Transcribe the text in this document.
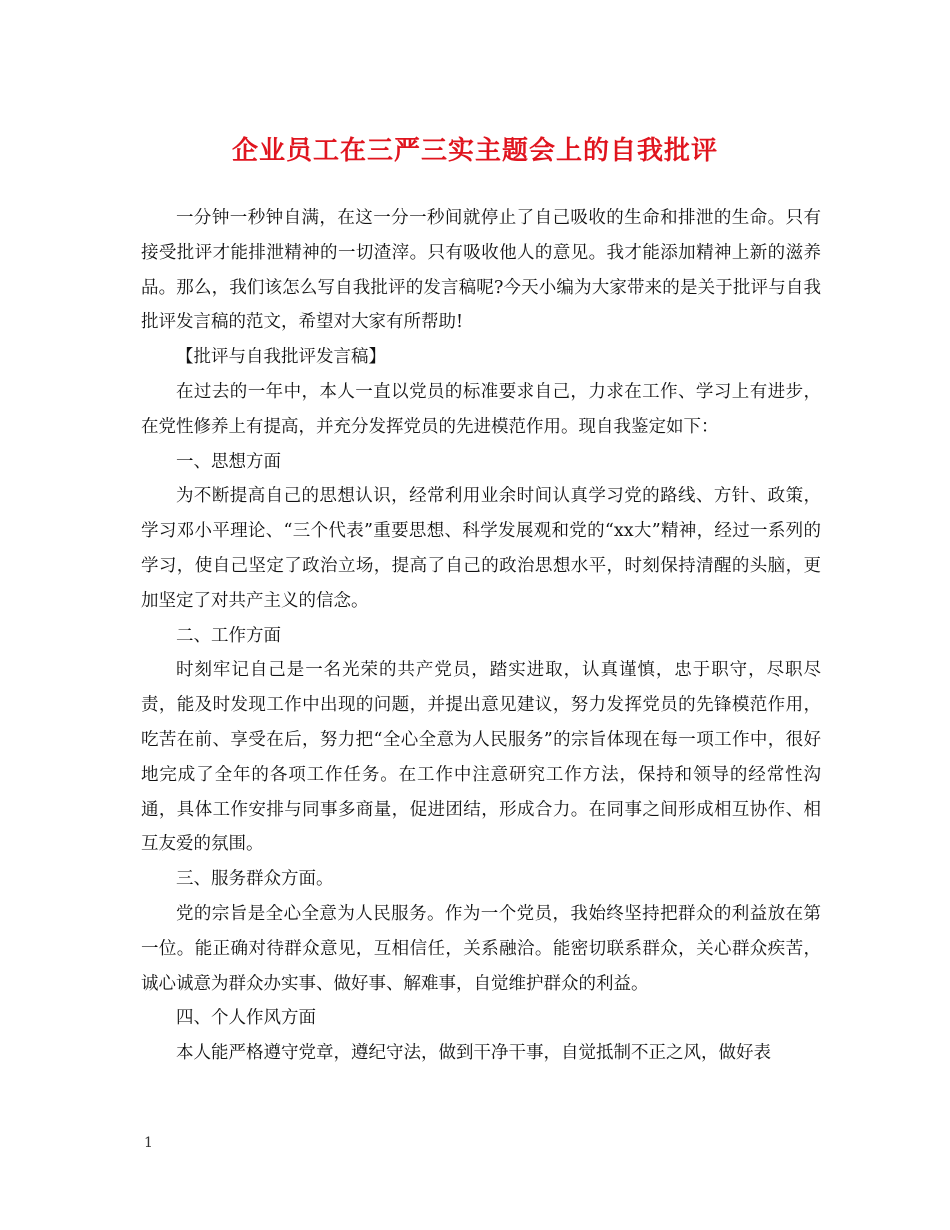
企业员工在三严三实主题会上的自我批评

一分钟一秒钟自满，在这一分一秒间就停止了自己吸收的生命和排泄的生命。只有接受批评才能排泄精神的一切渣滓。只有吸收他人的意见。我才能添加精神上新的滋养品。那么，我们该怎么写自我批评的发言稿呢?今天小编为大家带来的是关于批评与自我批评发言稿的范文，希望对大家有所帮助!

【批评与自我批评发言稿】

在过去的一年中，本人一直以党员的标准要求自己，力求在工作、学习上有进步，在党性修养上有提高，并充分发挥党员的先进模范作用。现自我鉴定如下：

一、思想方面

为不断提高自己的思想认识，经常利用业余时间认真学习党的路线、方针、政策，学习邓小平理论、“三个代表”重要思想、科学发展观和党的“xx大”精神，经过一系列的学习，使自己坚定了政治立场，提高了自己的政治思想水平，时刻保持清醒的头脑，更加坚定了对共产主义的信念。

二、工作方面

时刻牢记自己是一名光荣的共产党员，踏实进取，认真谨慎，忠于职守，尽职尽责，能及时发现工作中出现的问题，并提出意见建议，努力发挥党员的先锋模范作用，吃苦在前、享受在后，努力把“全心全意为人民服务”的宗旨体现在每一项工作中，很好地完成了全年的各项工作任务。在工作中注意研究工作方法，保持和领导的经常性沟通，具体工作安排与同事多商量，促进团结，形成合力。在同事之间形成相互协作、相互友爱的氛围。

三、服务群众方面。

党的宗旨是全心全意为人民服务。作为一个党员，我始终坚持把群众的利益放在第一位。能正确对待群众意见，互相信任，关系融洽。能密切联系群众，关心群众疾苦，诚心诚意为群众办实事、做好事、解难事，自觉维护群众的利益。

四、个人作风方面

本人能严格遵守党章，遵纪守法，做到干净干事，自觉抵制不正之风，做好表

1
